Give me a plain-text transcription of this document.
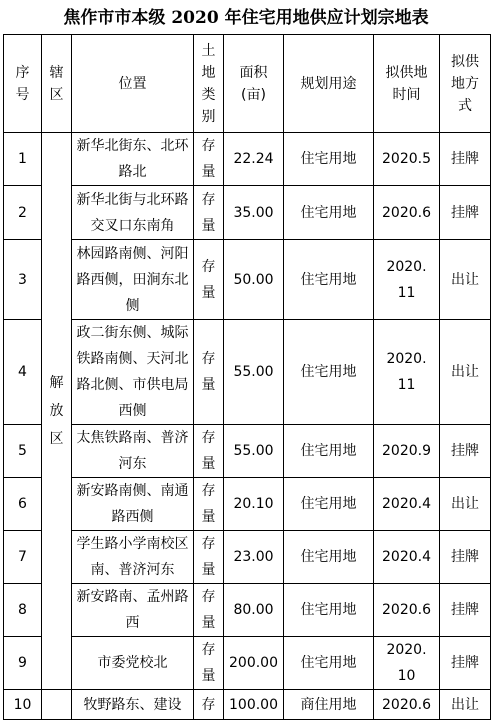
焦作市市本级 2020 年住宅用地供应计划宗地表
序号	辖区	位置	土地类别	面积(亩)	规划用途	拟供地时间	拟供地方式

1	解放区	新华北街东、北环路北	存量	22.24	住宅用地	2020.5	挂牌
2		新华北街与北环路交叉口东南角	存量	35.00	住宅用地	2020.6	挂牌
3		林园路南侧、河阳路西侧，田涧东北侧	存量	50.00	住宅用地	2020.11	出让
4		政二街东侧、城际铁路南侧、天河北路北侧、市供电局西侧	存量	55.00	住宅用地	2020.11	出让
5		太焦铁路南、普济河东	存量	55.00	住宅用地	2020.9	挂牌
6		新安路南侧、南通路西侧	存量	20.10	住宅用地	2020.4	出让
7		学生路小学南校区南、普济河东	存量	23.00	住宅用地	2020.4	挂牌
8		新安路南、孟州路西	存量	80.00	住宅用地	2020.6	挂牌
9		市委党校北	存量	200.00	住宅用地	2020.10	挂牌
10		牧野路东、建设	存	100.00	商住用地	2020.6	出让
